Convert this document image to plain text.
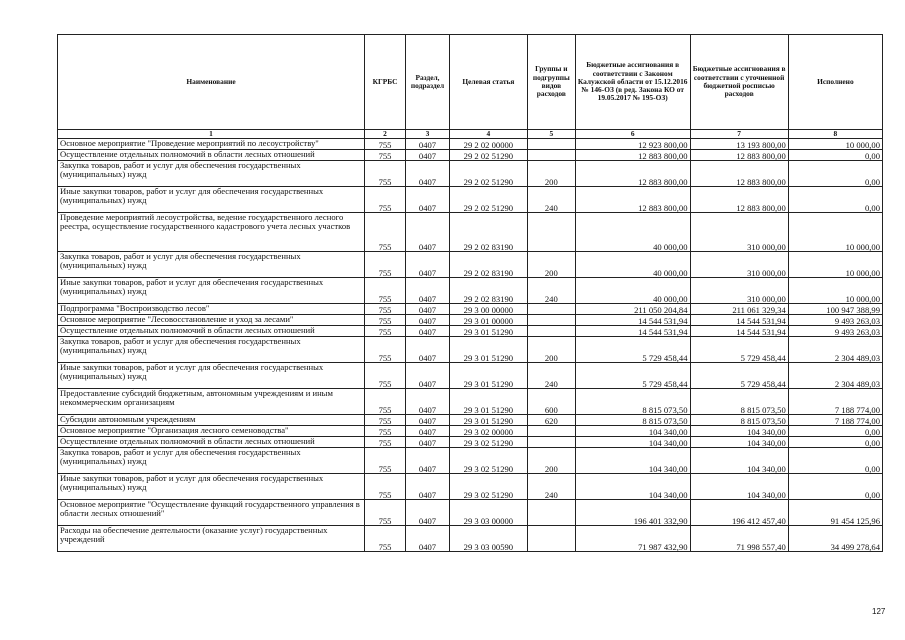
Наименование	КГРБС	Раздел, подраздел	Целевая статья	Группы и подгруппы видов расходов	Бюджетные ассигнования в соответствии с Законом Калужской области от 15.12.2016 № 146-ОЗ (в ред. Закона КО от 19.05.2017 № 195-ОЗ)	Бюджетные ассигнования в соответствии с уточненной бюджетной росписью расходов	Исполнено
1	2	3	4	5	6	7	8
Основное мероприятие "Проведение мероприятий по лесоустройству"	755	0407	29 2 02 00000		12 923 800,00	13 193 800,00	10 000,00
Осуществление отдельных полномочий в области лесных отношений	755	0407	29 2 02 51290		12 883 800,00	12 883 800,00	0,00
Закупка товаров, работ и услуг для обеспечения государственных (муниципальных) нужд	755	0407	29 2 02 51290	200	12 883 800,00	12 883 800,00	0,00
Иные закупки товаров, работ и услуг для обеспечения государственных (муниципальных) нужд	755	0407	29 2 02 51290	240	12 883 800,00	12 883 800,00	0,00
Проведение мероприятий лесоустройства, ведение государственного лесного реестра, осуществление государственного кадастрового учета лесных участков	755	0407	29 2 02 83190		40 000,00	310 000,00	10 000,00
Закупка товаров, работ и услуг для обеспечения государственных (муниципальных) нужд	755	0407	29 2 02 83190	200	40 000,00	310 000,00	10 000,00
Иные закупки товаров, работ и услуг для обеспечения государственных (муниципальных) нужд	755	0407	29 2 02 83190	240	40 000,00	310 000,00	10 000,00
Подпрограмма "Воспроизводство лесов"	755	0407	29 3 00 00000		211 050 204,84	211 061 329,34	100 947 388,99
Основное мероприятие "Лесовосстановление и уход за лесами"	755	0407	29 3 01 00000		14 544 531,94	14 544 531,94	9 493 263,03
Осуществление отдельных полномочий в области лесных отношений	755	0407	29 3 01 51290		14 544 531,94	14 544 531,94	9 493 263,03
Закупка товаров, работ и услуг для обеспечения государственных (муниципальных) нужд	755	0407	29 3 01 51290	200	5 729 458,44	5 729 458,44	2 304 489,03
Иные закупки товаров, работ и услуг для обеспечения государственных (муниципальных) нужд	755	0407	29 3 01 51290	240	5 729 458,44	5 729 458,44	2 304 489,03
Предоставление субсидий бюджетным, автономным учреждениям и иным некоммерческим организациям	755	0407	29 3 01 51290	600	8 815 073,50	8 815 073,50	7 188 774,00
Субсидии автономным учреждениям	755	0407	29 3 01 51290	620	8 815 073,50	8 815 073,50	7 188 774,00
Основное мероприятие "Организация лесного семеноводства"	755	0407	29 3 02 00000		104 340,00	104 340,00	0,00
Осуществление отдельных полномочий в области лесных отношений	755	0407	29 3 02 51290		104 340,00	104 340,00	0,00
Закупка товаров, работ и услуг для обеспечения государственных (муниципальных) нужд	755	0407	29 3 02 51290	200	104 340,00	104 340,00	0,00
Иные закупки товаров, работ и услуг для обеспечения государственных (муниципальных) нужд	755	0407	29 3 02 51290	240	104 340,00	104 340,00	0,00
Основное мероприятие "Осуществление функций государственного управления в области лесных отношений"	755	0407	29 3 03 00000		196 401 332,90	196 412 457,40	91 454 125,96
Расходы на обеспечение деятельности (оказание услуг) государственных учреждений	755	0407	29 3 03 00590		71 987 432,90	71 998 557,40	34 499 278,64
127
